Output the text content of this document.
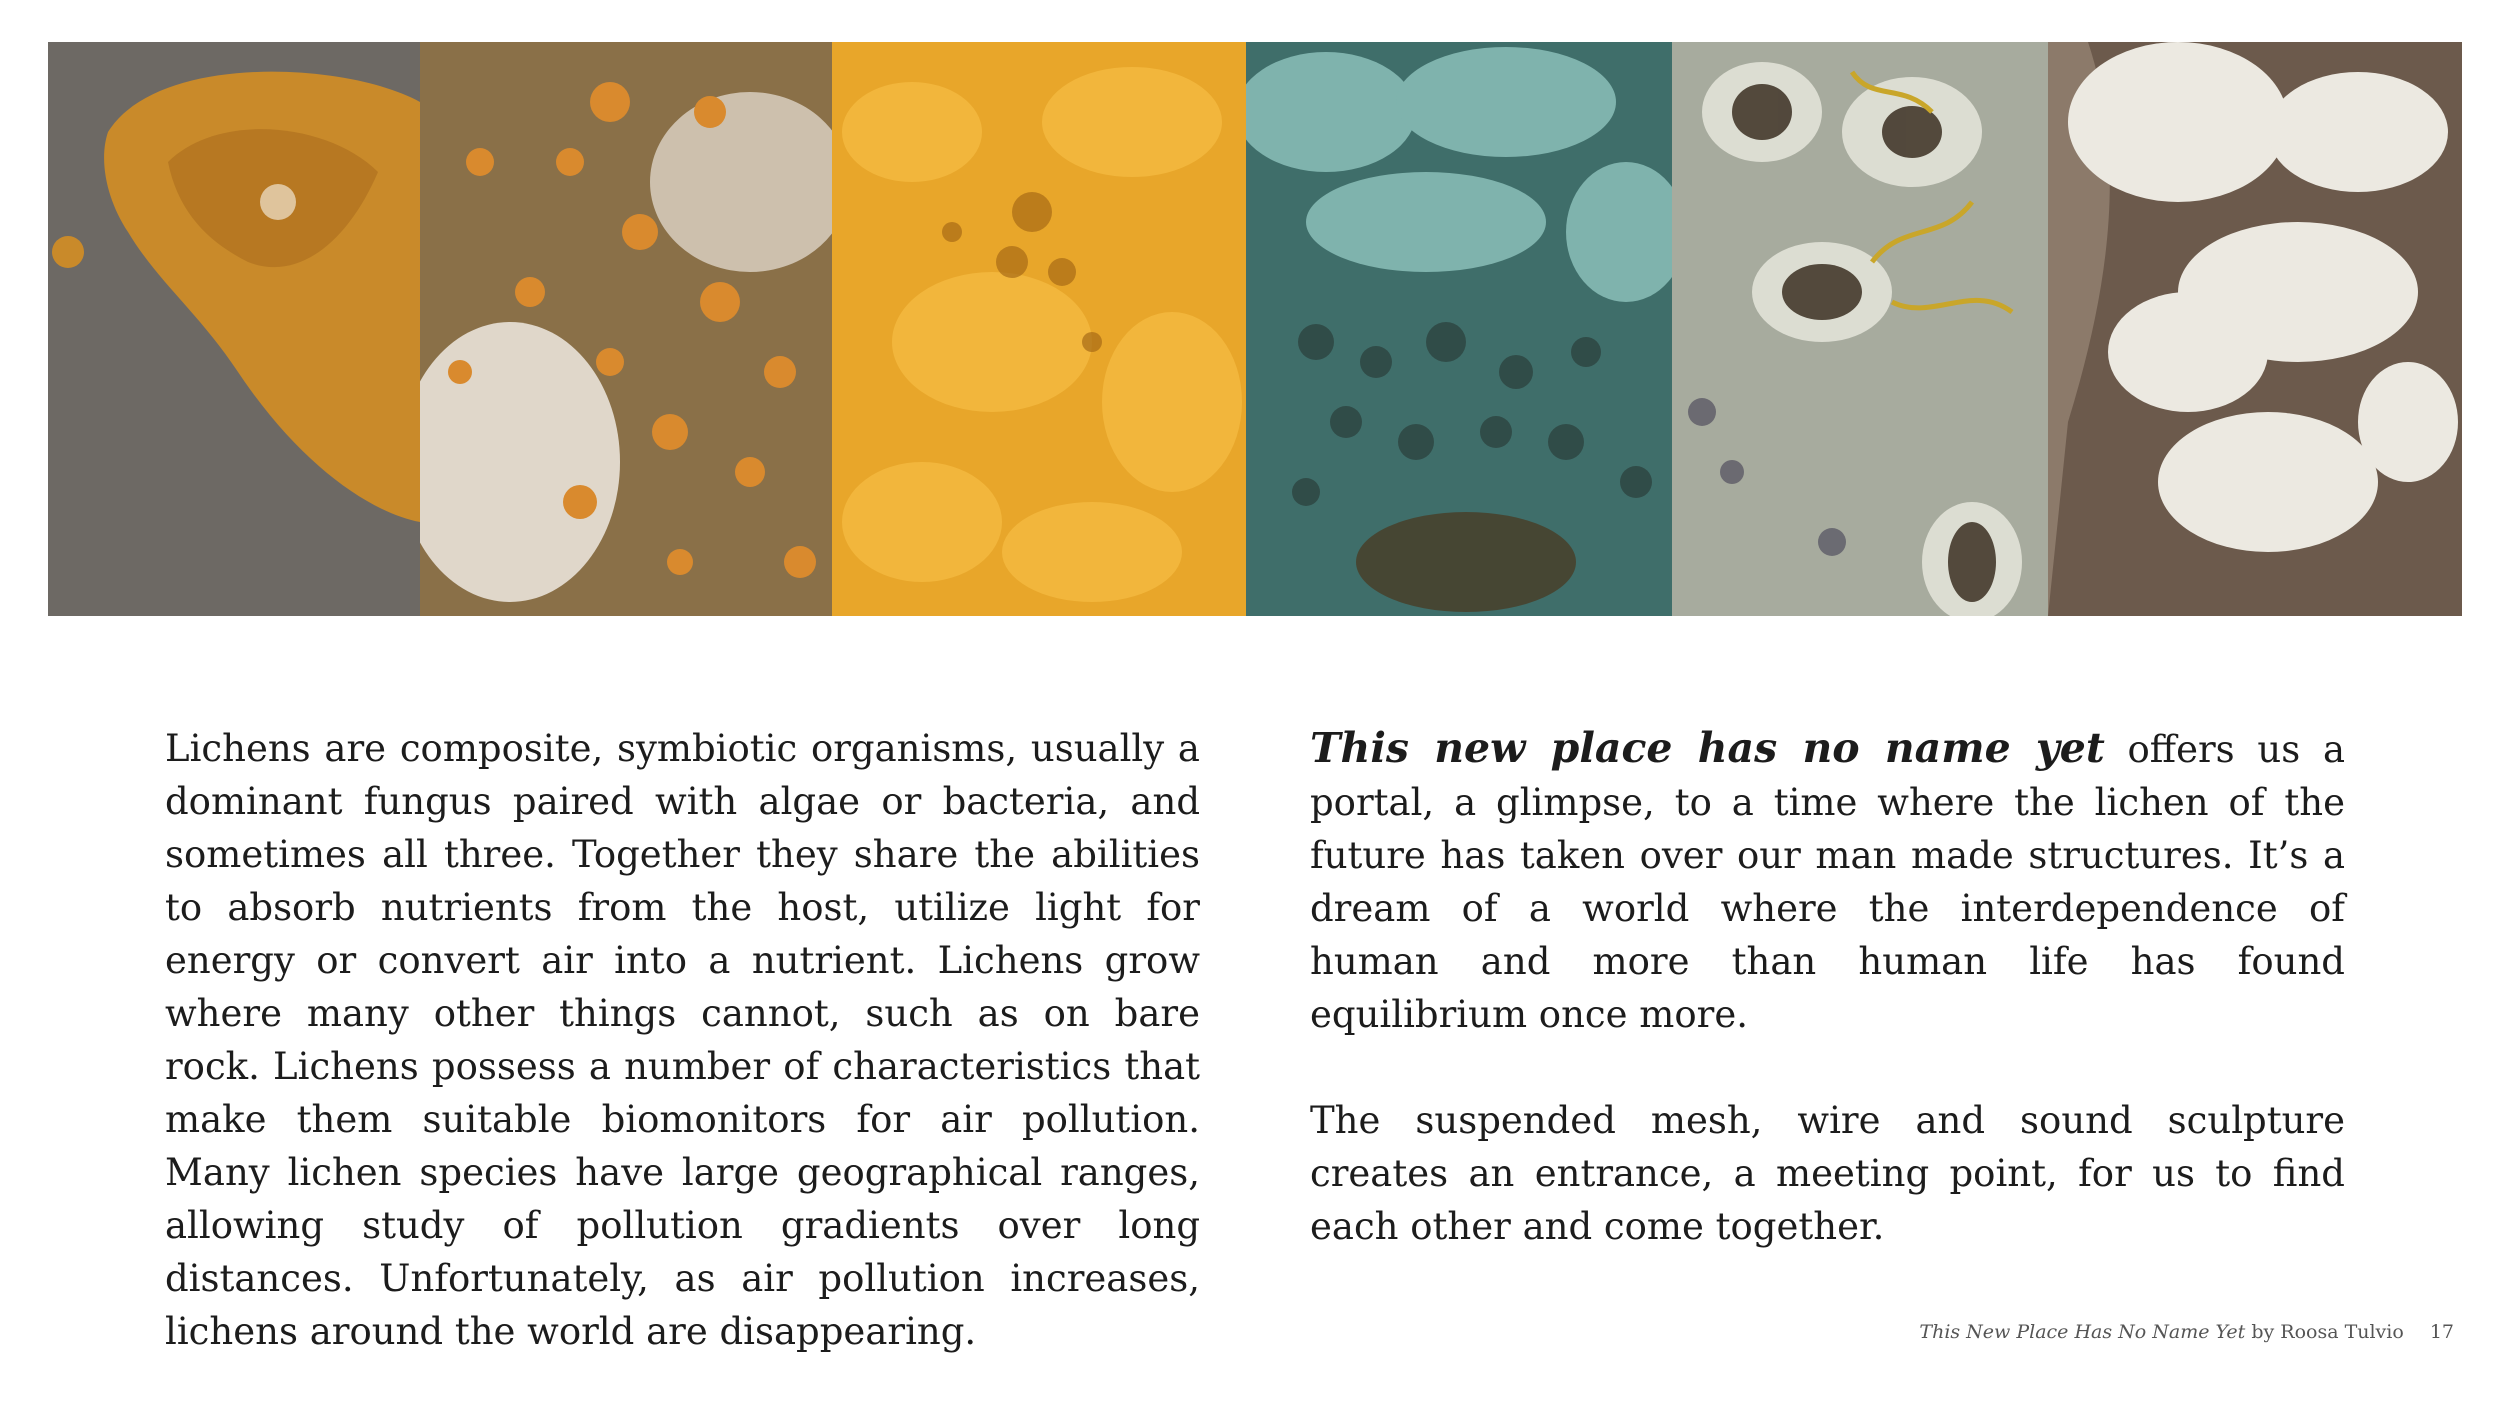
Lichens are composite, symbiotic organisms, usually a dominant fungus paired with algae or bacteria, and sometimes all three. Together they share the abilities to absorb nutrients from the host, utilize light for energy or convert air into a nutrient. Lichens grow where many other things cannot, such as on bare rock. Lichens possess a number of characteristics that make them suitable biomonitors for air pollution. Many lichen species have large geographical ranges, allowing study of pollution gradients over long distances. Unfortunately, as air pollution increases, lichens around the world are disappearing.

This new place has no name yet offers us a portal, a glimpse, to a time where the lichen of the future has taken over our man made structures. It’s a dream of a world where the interdependence of human and more than human life has found equilibrium once more.

The suspended mesh, wire and sound sculpture creates an entrance, a meeting point, for us to find each other and come together.

This New Place Has No Name Yet by Roosa Tulvio 17
